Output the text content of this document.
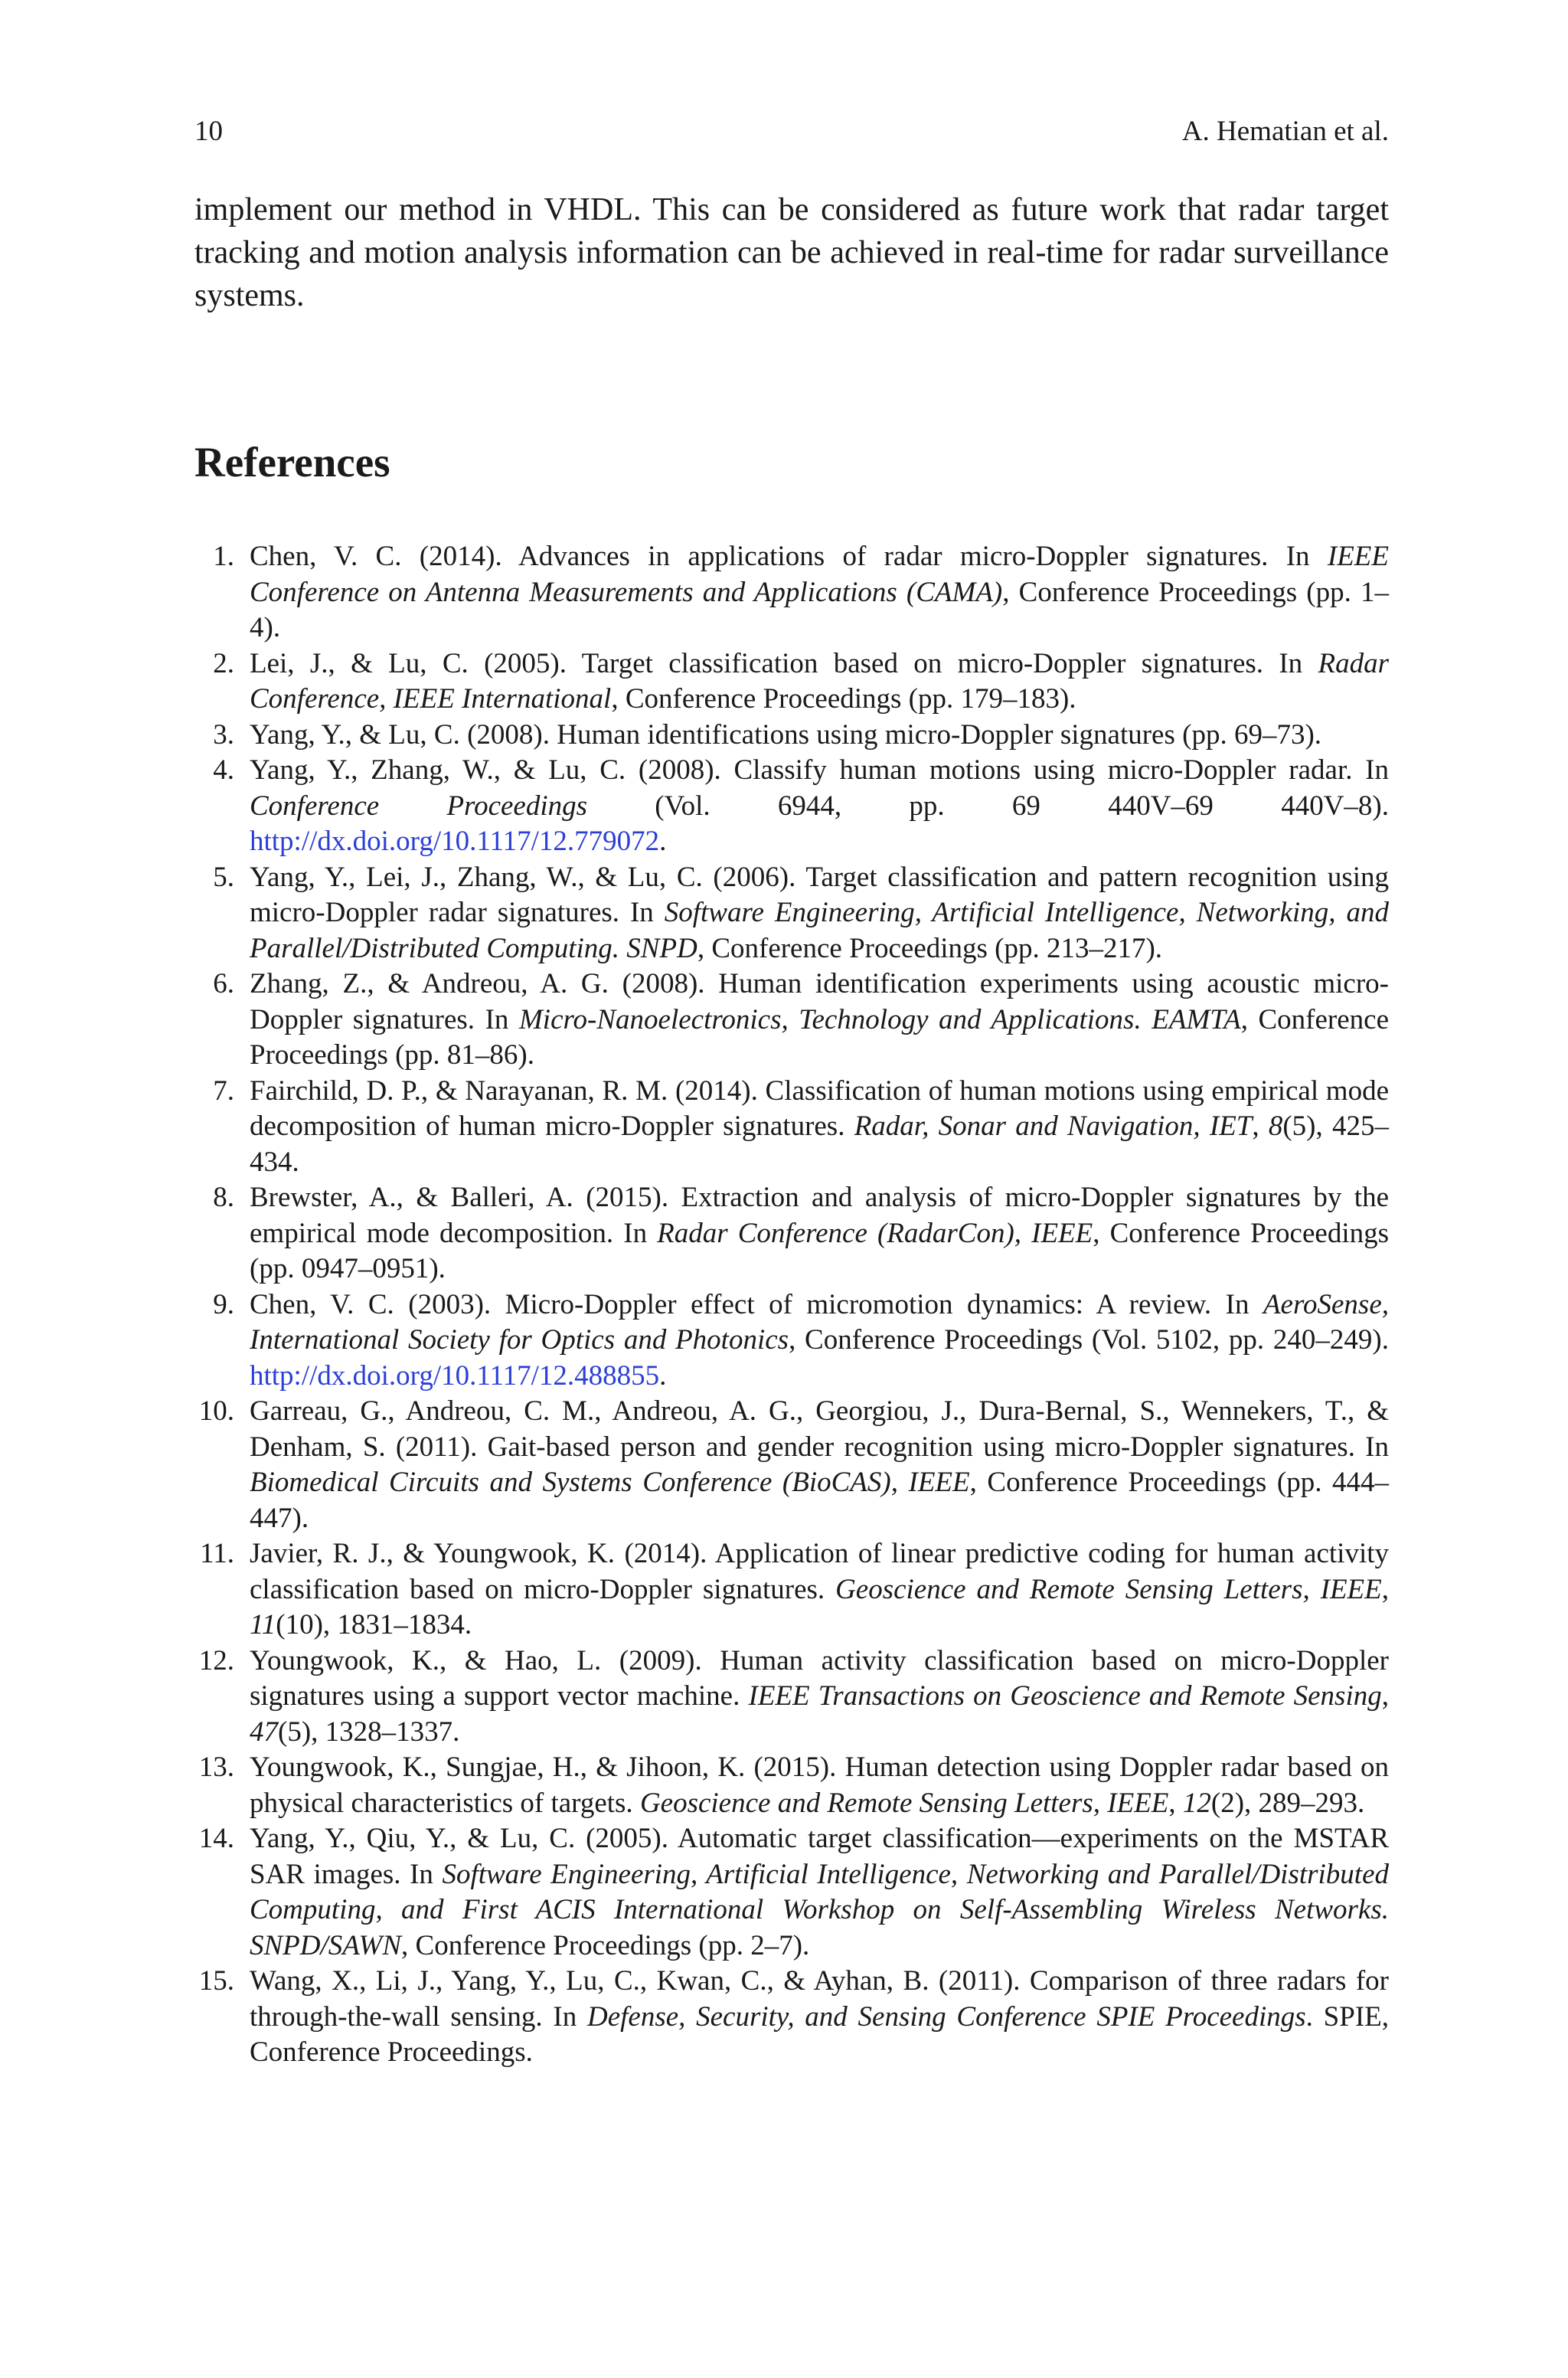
10	A. Hematian et al.

implement our method in VHDL. This can be considered as future work that radar target tracking and motion analysis information can be achieved in real-time for radar surveillance systems.

References
1. Chen, V. C. (2014). Advances in applications of radar micro-Doppler signatures. In IEEE Conference on Antenna Measurements and Applications (CAMA), Conference Proceedings (pp. 1–4).
2. Lei, J., & Lu, C. (2005). Target classification based on micro-Doppler signatures. In Radar Conference, IEEE International, Conference Proceedings (pp. 179–183).
3. Yang, Y., & Lu, C. (2008). Human identifications using micro-Doppler signatures (pp. 69–73).
4. Yang, Y., Zhang, W., & Lu, C. (2008). Classify human motions using micro-Doppler radar. In Conference Proceedings (Vol. 6944, pp. 69 440V–69 440V–8). http://dx.doi.org/10.1117/12.779072.
5. Yang, Y., Lei, J., Zhang, W., & Lu, C. (2006). Target classification and pattern recognition using micro-Doppler radar signatures. In Software Engineering, Artificial Intelligence, Networking, and Parallel/Distributed Computing. SNPD, Conference Proceedings (pp. 213–217).
6. Zhang, Z., & Andreou, A. G. (2008). Human identification experiments using acoustic micro-Doppler signatures. In Micro-Nanoelectronics, Technology and Applications. EAMTA, Conference Proceedings (pp. 81–86).
7. Fairchild, D. P., & Narayanan, R. M. (2014). Classification of human motions using empirical mode decomposition of human micro-Doppler signatures. Radar, Sonar and Navigation, IET, 8(5), 425–434.
8. Brewster, A., & Balleri, A. (2015). Extraction and analysis of micro-Doppler signatures by the empirical mode decomposition. In Radar Conference (RadarCon), IEEE, Conference Proceedings (pp. 0947–0951).
9. Chen, V. C. (2003). Micro-Doppler effect of micromotion dynamics: A review. In AeroSense, International Society for Optics and Photonics, Conference Proceedings (Vol. 5102, pp. 240–249). http://dx.doi.org/10.1117/12.488855.
10. Garreau, G., Andreou, C. M., Andreou, A. G., Georgiou, J., Dura-Bernal, S., Wennekers, T., & Denham, S. (2011). Gait-based person and gender recognition using micro-Doppler signatures. In Biomedical Circuits and Systems Conference (BioCAS), IEEE, Conference Proceedings (pp. 444–447).
11. Javier, R. J., & Youngwook, K. (2014). Application of linear predictive coding for human activity classification based on micro-Doppler signatures. Geoscience and Remote Sensing Letters, IEEE, 11(10), 1831–1834.
12. Youngwook, K., & Hao, L. (2009). Human activity classification based on micro-Doppler signatures using a support vector machine. IEEE Transactions on Geoscience and Remote Sensing, 47(5), 1328–1337.
13. Youngwook, K., Sungjae, H., & Jihoon, K. (2015). Human detection using Doppler radar based on physical characteristics of targets. Geoscience and Remote Sensing Letters, IEEE, 12(2), 289–293.
14. Yang, Y., Qiu, Y., & Lu, C. (2005). Automatic target classification—experiments on the MSTAR SAR images. In Software Engineering, Artificial Intelligence, Networking and Parallel/Distributed Computing, and First ACIS International Workshop on Self-Assembling Wireless Networks. SNPD/SAWN, Conference Proceedings (pp. 2–7).
15. Wang, X., Li, J., Yang, Y., Lu, C., Kwan, C., & Ayhan, B. (2011). Comparison of three radars for through-the-wall sensing. In Defense, Security, and Sensing Conference SPIE Proceedings. SPIE, Conference Proceedings.
